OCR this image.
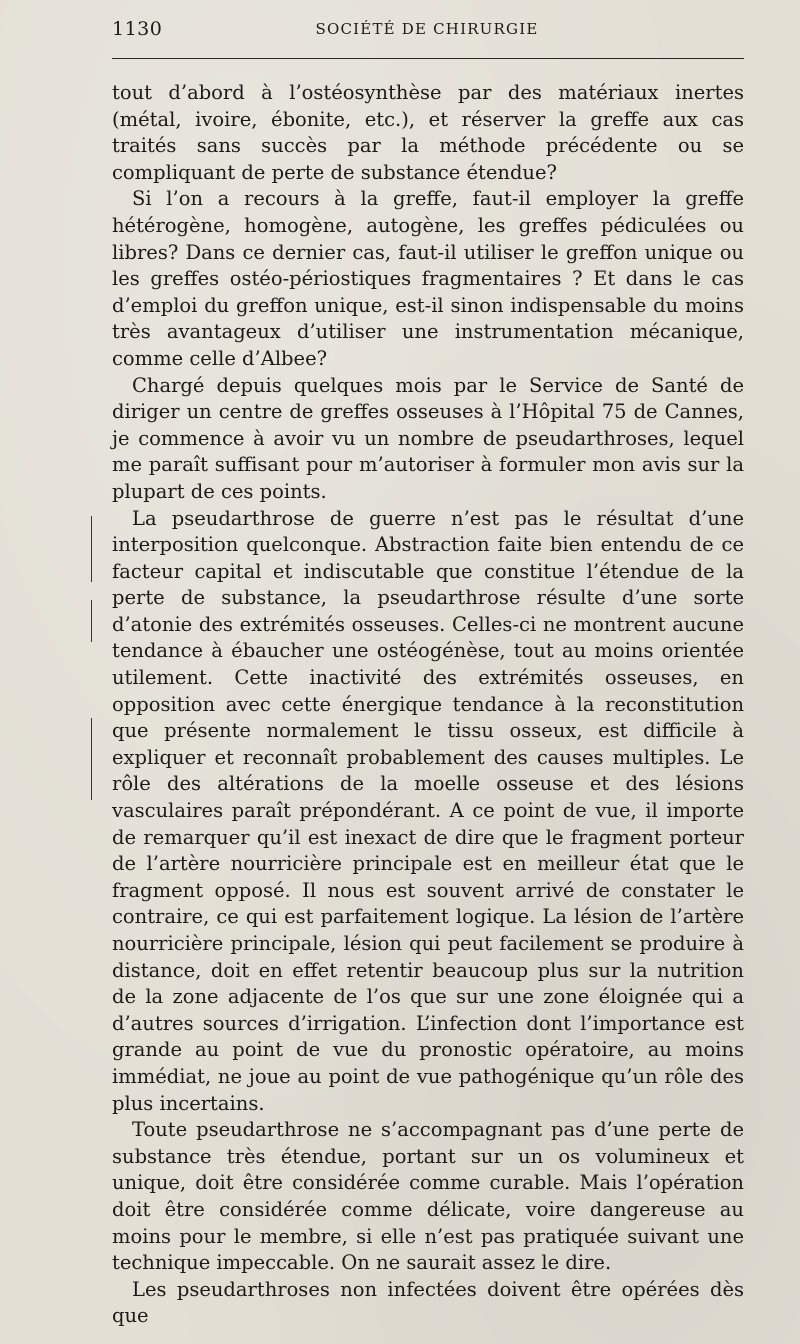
1130	SOCIÉTÉ DE CHIRURGIE

tout d’abord à l’ostéosynthèse par des matériaux inertes (métal, ivoire, ébonite, etc.), et réserver la greffe aux cas traités sans succès par la méthode précédente ou se compliquant de perte de substance étendue?

Si l’on a recours à la greffe, faut-il employer la greffe hétérogène, homogène, autogène, les greffes pédiculées ou libres? Dans ce dernier cas, faut-il utiliser le greffon unique ou les greffes ostéo-périostiques fragmentaires ? Et dans le cas d’emploi du greffon unique, est-il sinon indispensable du moins très avantageux d’utiliser une instrumentation mécanique, comme celle d’Albee?

Chargé depuis quelques mois par le Service de Santé de diriger un centre de greffes osseuses à l’Hôpital 75 de Cannes, je commence à avoir vu un nombre de pseudarthroses, lequel me paraît suffisant pour m’autoriser à formuler mon avis sur la plupart de ces points.

La pseudarthrose de guerre n’est pas le résultat d’une interposition quelconque. Abstraction faite bien entendu de ce facteur capital et indiscutable que constitue l’étendue de la perte de substance, la pseudarthrose résulte d’une sorte d’atonie des extrémités osseuses. Celles-ci ne montrent aucune tendance à ébaucher une ostéogénèse, tout au moins orientée utilement. Cette inactivité des extrémités osseuses, en opposition avec cette énergique tendance à la reconstitution que présente normalement le tissu osseux, est difficile à expliquer et reconnaît probablement des causes multiples. Le rôle des altérations de la moelle osseuse et des lésions vasculaires paraît prépondérant. A ce point de vue, il importe de remarquer qu’il est inexact de dire que le fragment porteur de l’artère nourricière principale est en meilleur état que le fragment opposé. Il nous est souvent arrivé de constater le contraire, ce qui est parfaitement logique. La lésion de l’artère nourricière principale, lésion qui peut facilement se produire à distance, doit en effet retentir beaucoup plus sur la nutrition de la zone adjacente de l’os que sur une zone éloignée qui a d’autres sources d’irrigation. L’infection dont l’importance est grande au point de vue du pronostic opératoire, au moins immédiat, ne joue au point de vue pathogénique qu’un rôle des plus incertains.

Toute pseudarthrose ne s’accompagnant pas d’une perte de substance très étendue, portant sur un os volumineux et unique, doit être considérée comme curable. Mais l’opération doit être considérée comme délicate, voire dangereuse au moins pour le membre, si elle n’est pas pratiquée suivant une technique impeccable. On ne saurait assez le dire.

Les pseudarthroses non infectées doivent être opérées dès que
